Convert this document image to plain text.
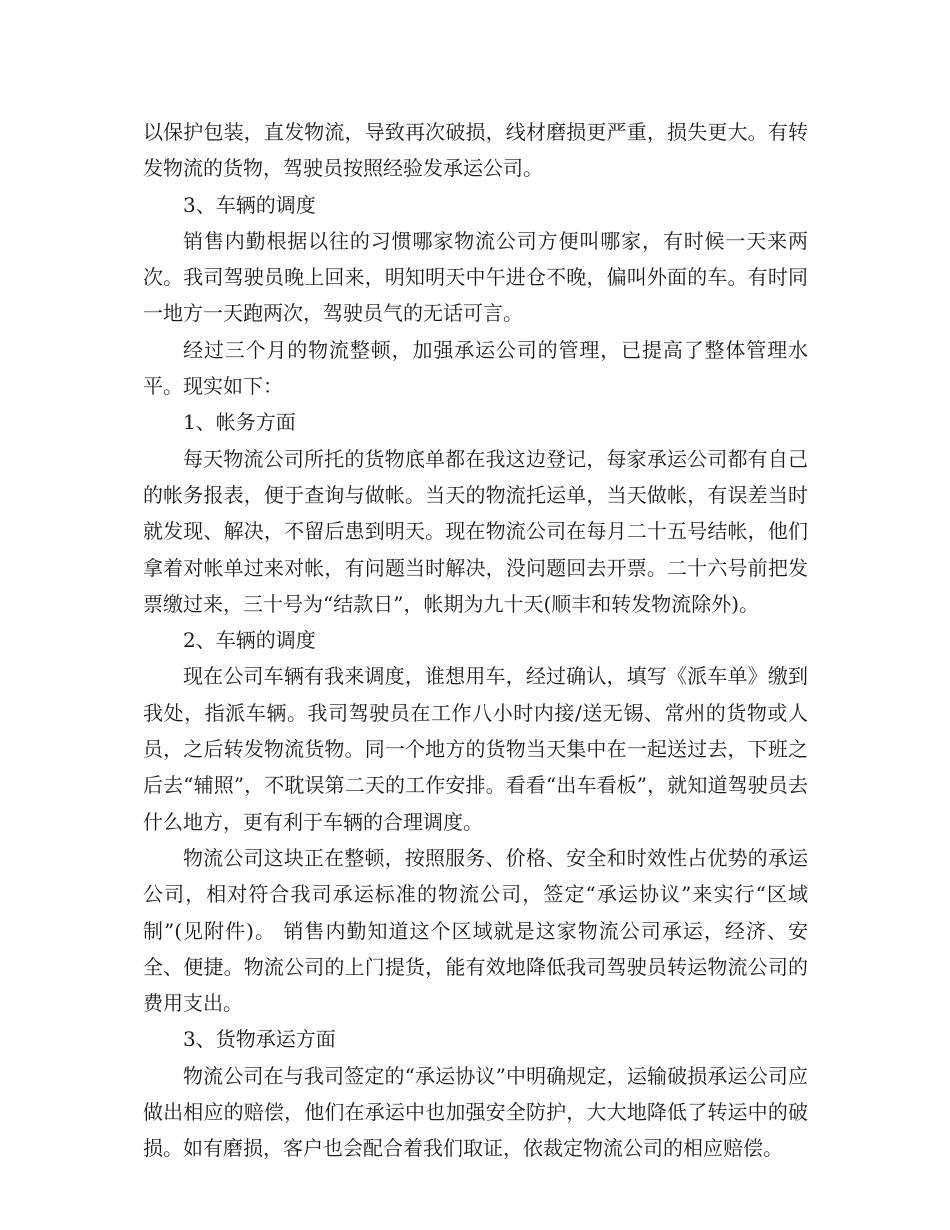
以保护包装，直发物流，导致再次破损，线材磨损更严重，损失更大。有转发物流的货物，驾驶员按照经验发承运公司。

3、车辆的调度

销售内勤根据以往的习惯哪家物流公司方便叫哪家，有时候一天来两次。我司驾驶员晚上回来，明知明天中午进仓不晚，偏叫外面的车。有时同一地方一天跑两次，驾驶员气的无话可言。

经过三个月的物流整顿，加强承运公司的管理，已提高了整体管理水平。现实如下：

1、帐务方面

每天物流公司所托的货物底单都在我这边登记，每家承运公司都有自己的帐务报表，便于查询与做帐。当天的物流托运单，当天做帐，有误差当时就发现、解决，不留后患到明天。现在物流公司在每月二十五号结帐，他们拿着对帐单过来对帐，有问题当时解决，没问题回去开票。二十六号前把发票缴过来，三十号为“结款日”，帐期为九十天(顺丰和转发物流除外)。

2、车辆的调度

现在公司车辆有我来调度，谁想用车，经过确认，填写《派车单》缴到我处，指派车辆。我司驾驶员在工作八小时内接/送无锡、常州的货物或人员，之后转发物流货物。同一个地方的货物当天集中在一起送过去，下班之后去“辅照”，不耽误第二天的工作安排。看看“出车看板”，就知道驾驶员去什么地方，更有利于车辆的合理调度。

物流公司这块正在整顿，按照服务、价格、安全和时效性占优势的承运公司，相对符合我司承运标准的物流公司，签定“承运协议”来实行“区域制”(见附件)。 销售内勤知道这个区域就是这家物流公司承运，经济、安全、便捷。物流公司的上门提货，能有效地降低我司驾驶员转运物流公司的费用支出。

3、货物承运方面

物流公司在与我司签定的“承运协议”中明确规定，运输破损承运公司应做出相应的赔偿，他们在承运中也加强安全防护，大大地降低了转运中的破损。如有磨损，客户也会配合着我们取证，依裁定物流公司的相应赔偿。
